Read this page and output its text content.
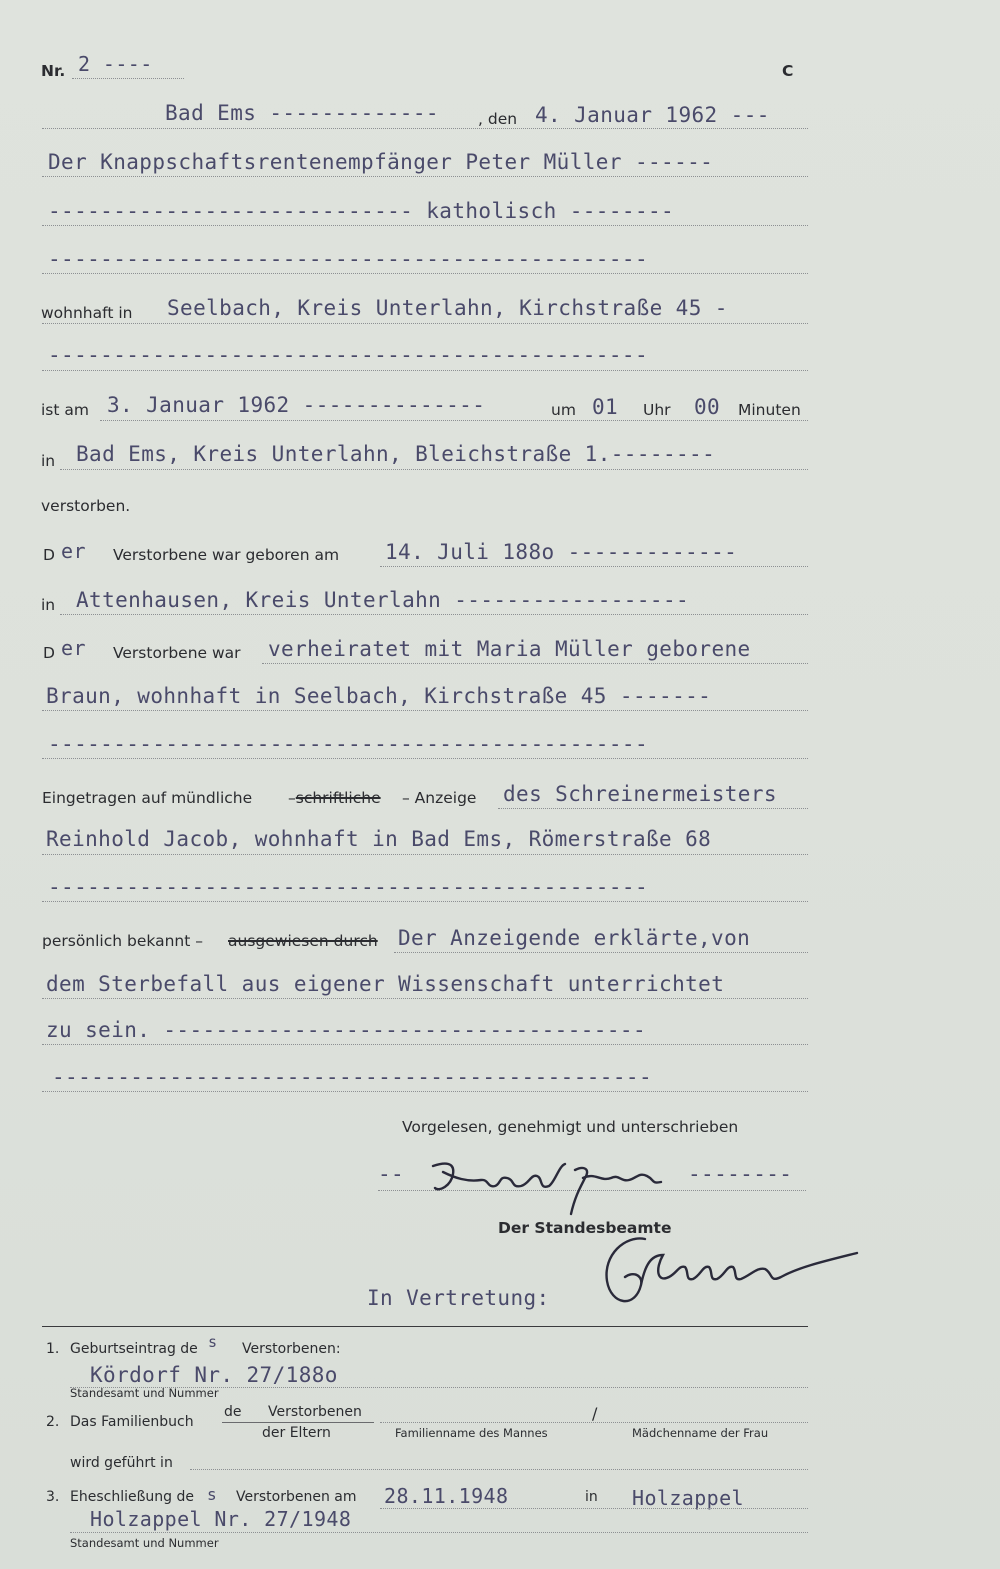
Nr. 2 ----	C
Bad Ems -------------	, den 4. Januar 1962 ---
Der Knappschaftsrentenempfänger Peter Müller ------
---------------------------- katholisch --------
----------------------------------------------
wohnhaft in Seelbach, Kreis Unterlahn, Kirchstraße 45 -
----------------------------------------------
ist am 3. Januar 1962 --------------	um 01 Uhr 00 Minuten
in Bad Ems, Kreis Unterlahn, Bleichstraße 1.--------
verstorben.
D er Verstorbene war geboren am 14. Juli 188o -------------
in Attenhausen, Kreis Unterlahn ------------------
D er Verstorbene war verheiratet mit Maria Müller geborene
Braun, wohnhaft in Seelbach, Kirchstraße 45 -------
----------------------------------------------
Eingetragen auf mündliche –schriftliche – Anzeige des Schreinermeisters
Reinhold Jacob, wohnhaft in Bad Ems, Römerstraße 68
----------------------------------------------
persönlich bekannt – ausgewiesen durch Der Anzeigende erklärte,von
dem Sterbefall aus eigener Wissenschaft unterrichtet
zu sein. -------------------------------------
----------------------------------------------
Vorgelesen, genehmigt und unterschrieben
--	--------
Der Standesbeamte
In Vertretung:
1. Geburtseintrag de s Verstorbenen:
Kördorf Nr. 27/188o
Standesamt und Nummer
2. Das Familienbuch
de Verstorbenen
der Eltern
/
Familienname des Mannes	Mädchenname der Frau
wird geführt in
3. Eheschließung de s Verstorbenen am 28.11.1948	in Holzappel
Holzappel Nr. 27/1948
Standesamt und Nummer
